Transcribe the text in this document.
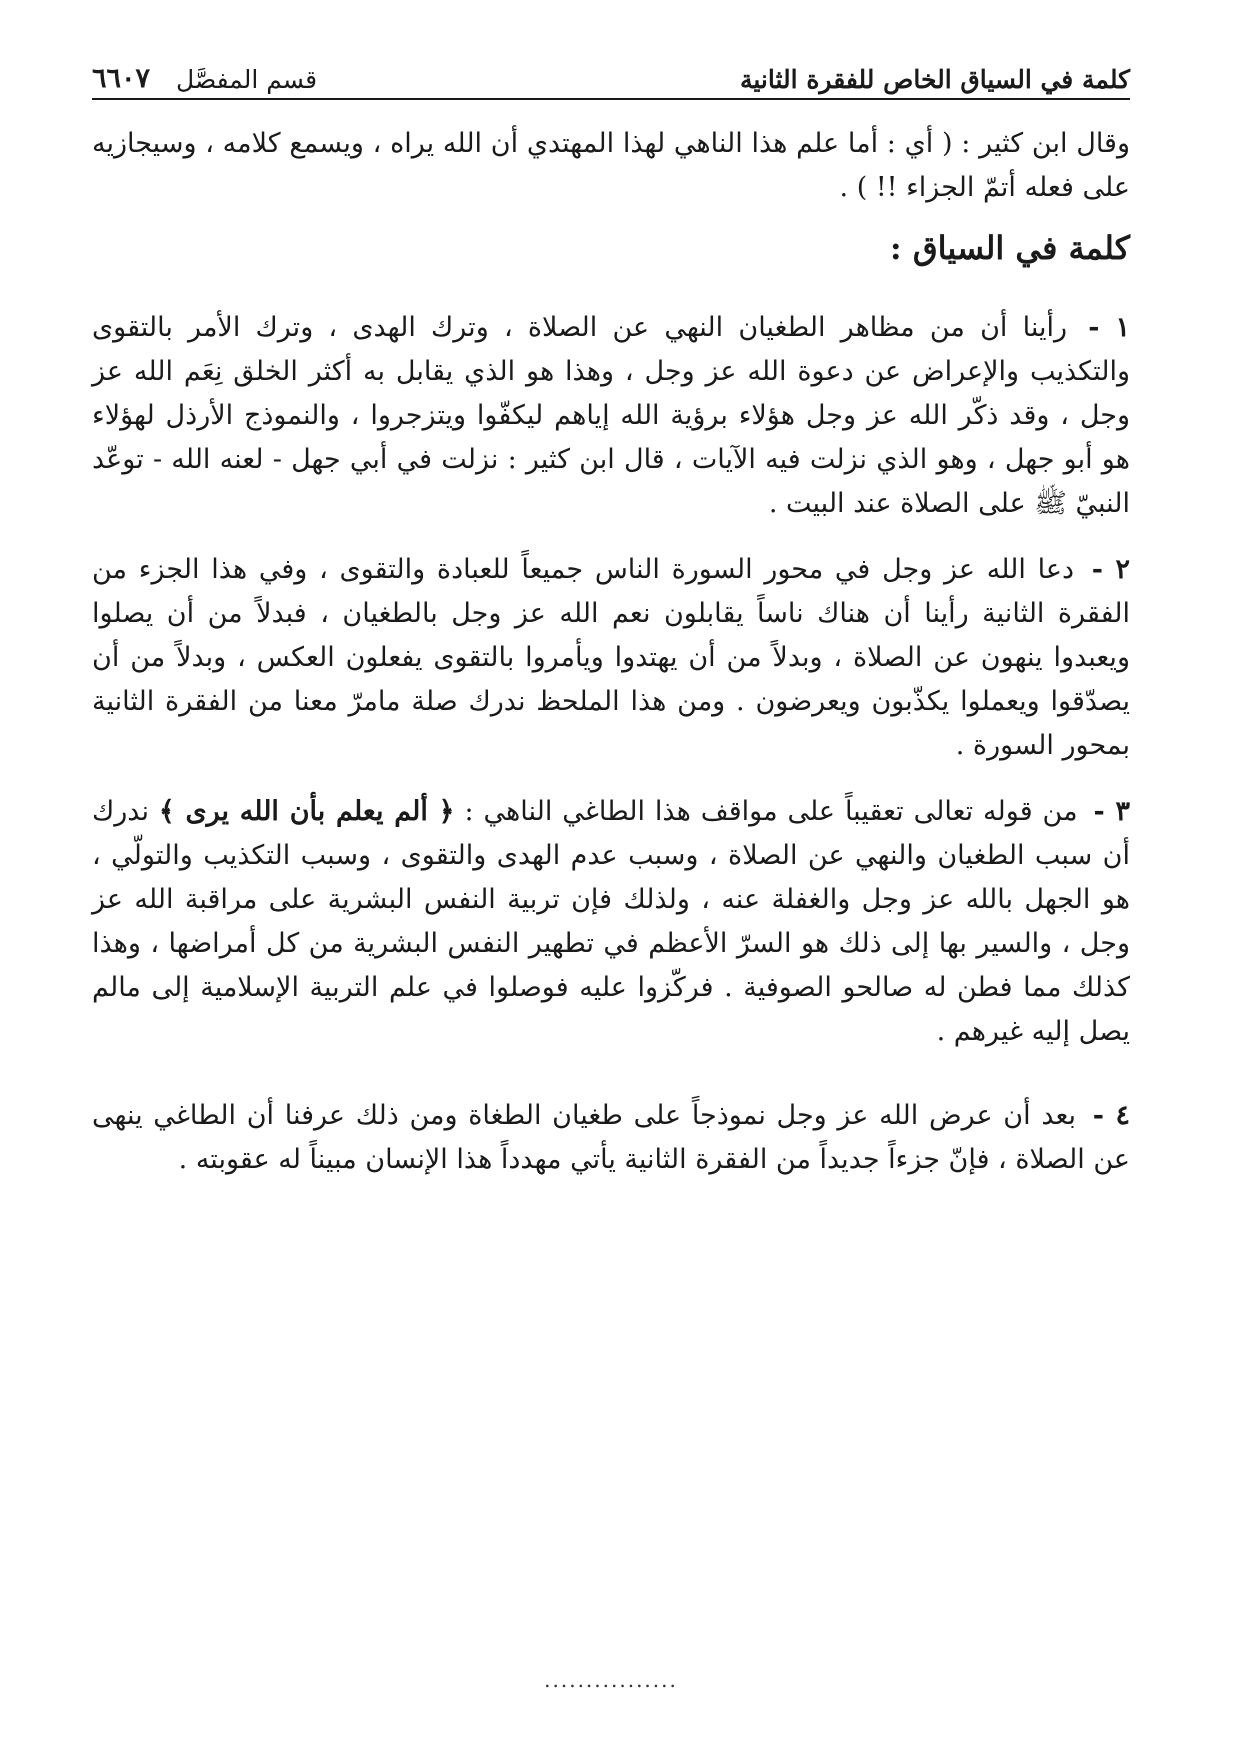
كلمة في السياق الخاص للفقرة الثانية
قسم المفصَّل
٦٦٠٧

وقال ابن كثير : ( أي : أما علم هذا الناهي لهذا المهتدي أن الله يراه ، ويسمع كلامه ، وسيجازيه على فعله أتمّ الجزاء !! ) .

كلمة في السياق :

١ - رأينا أن من مظاهر الطغيان النهي عن الصلاة ، وترك الهدى ، وترك الأمر بالتقوى والتكذيب والإعراض عن دعوة الله عز وجل ، وهذا هو الذي يقابل به أكثر الخلق نِعَم الله عز وجل ، وقد ذكّر الله عز وجل هؤلاء برؤية الله إياهم ليكفّوا ويتزجروا ، والنموذج الأرذل لهؤلاء هو أبو جهل ، وهو الذي نزلت فيه الآيات ، قال ابن كثير : نزلت في أبي جهل - لعنه الله - توعّد النبيّ ﷺ على الصلاة عند البيت .

٢ - دعا الله عز وجل في محور السورة الناس جميعاً للعبادة والتقوى ، وفي هذا الجزء من الفقرة الثانية رأينا أن هناك ناساً يقابلون نعم الله عز وجل بالطغيان ، فبدلاً من أن يصلوا ويعبدوا ينهون عن الصلاة ، وبدلاً من أن يهتدوا ويأمروا بالتقوى يفعلون العكس ، وبدلاً من أن يصدّقوا ويعملوا يكذّبون ويعرضون . ومن هذا الملحظ ندرك صلة مامرّ معنا من الفقرة الثانية بمحور السورة .

٣ - من قوله تعالى تعقيباً على مواقف هذا الطاغي الناهي : ﴿ ألم يعلم بأن الله يرى ﴾ ندرك أن سبب الطغيان والنهي عن الصلاة ، وسبب عدم الهدى والتقوى ، وسبب التكذيب والتولّي ، هو الجهل بالله عز وجل والغفلة عنه ، ولذلك فإن تربية النفس البشرية على مراقبة الله عز وجل ، والسير بها إلى ذلك هو السرّ الأعظم في تطهير النفس البشرية من كل أمراضها ، وهذا كذلك مما فطن له صالحو الصوفية . فركّزوا عليه فوصلوا في علم التربية الإسلامية إلى مالم يصل إليه غيرهم .

٤ - بعد أن عرض الله عز وجل نموذجاً على طغيان الطغاة ومن ذلك عرفنا أن الطاغي ينهى عن الصلاة ، فإنّ جزءاً جديداً من الفقرة الثانية يأتي مهدداً هذا الإنسان مبيناً له عقوبته .

................
